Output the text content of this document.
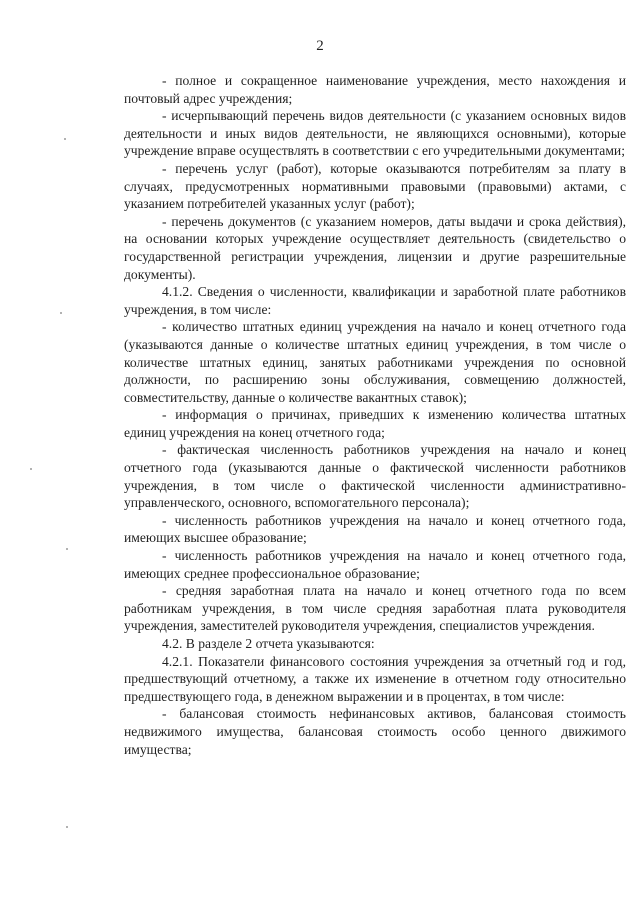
2

- полное и сокращенное наименование учреждения, место нахождения и почтовый адрес учреждения;

- исчерпывающий перечень видов деятельности (с указанием основных видов деятельности и иных видов деятельности, не являющихся основными), которые учреждение вправе осуществлять в соответствии с его учредительными документами;

- перечень услуг (работ), которые оказываются потребителям за плату в случаях, предусмотренных нормативными правовыми (правовыми) актами, с указанием потребителей указанных услуг (работ);

- перечень документов (с указанием номеров, даты выдачи и срока действия), на основании которых учреждение осуществляет деятельность (свидетельство о государственной регистрации учреждения, лицензии и другие разрешительные документы).

4.1.2. Сведения о численности, квалификации и заработной плате работников учреждения, в том числе:

- количество штатных единиц учреждения на начало и конец отчетного года (указываются данные о количестве штатных единиц учреждения, в том числе о количестве штатных единиц, занятых работниками учреждения по основной должности, по расширению зоны обслуживания, совмещению должностей, совместительству, данные о количестве вакантных ставок);

- информация о причинах, приведших к изменению количества штатных единиц учреждения на конец отчетного года;

- фактическая численность работников учреждения на начало и конец отчетного года (указываются данные о фактической численности работников учреждения, в том числе о фактической численности административно-управленческого, основного, вспомогательного персонала);

- численность работников учреждения на начало и конец отчетного года, имеющих высшее образование;

- численность работников учреждения на начало и конец отчетного года, имеющих среднее профессиональное образование;

- средняя заработная плата на начало и конец отчетного года по всем работникам учреждения, в том числе средняя заработная плата руководителя учреждения, заместителей руководителя учреждения, специалистов учреждения.

4.2. В разделе 2 отчета указываются:

4.2.1. Показатели финансового состояния учреждения за отчетный год и год, предшествующий отчетному, а также их изменение в отчетном году относительно предшествующего года, в денежном выражении и в процентах, в том числе:

- балансовая стоимость нефинансовых активов, балансовая стоимость недвижимого имущества, балансовая стоимость особо ценного движимого имущества;
